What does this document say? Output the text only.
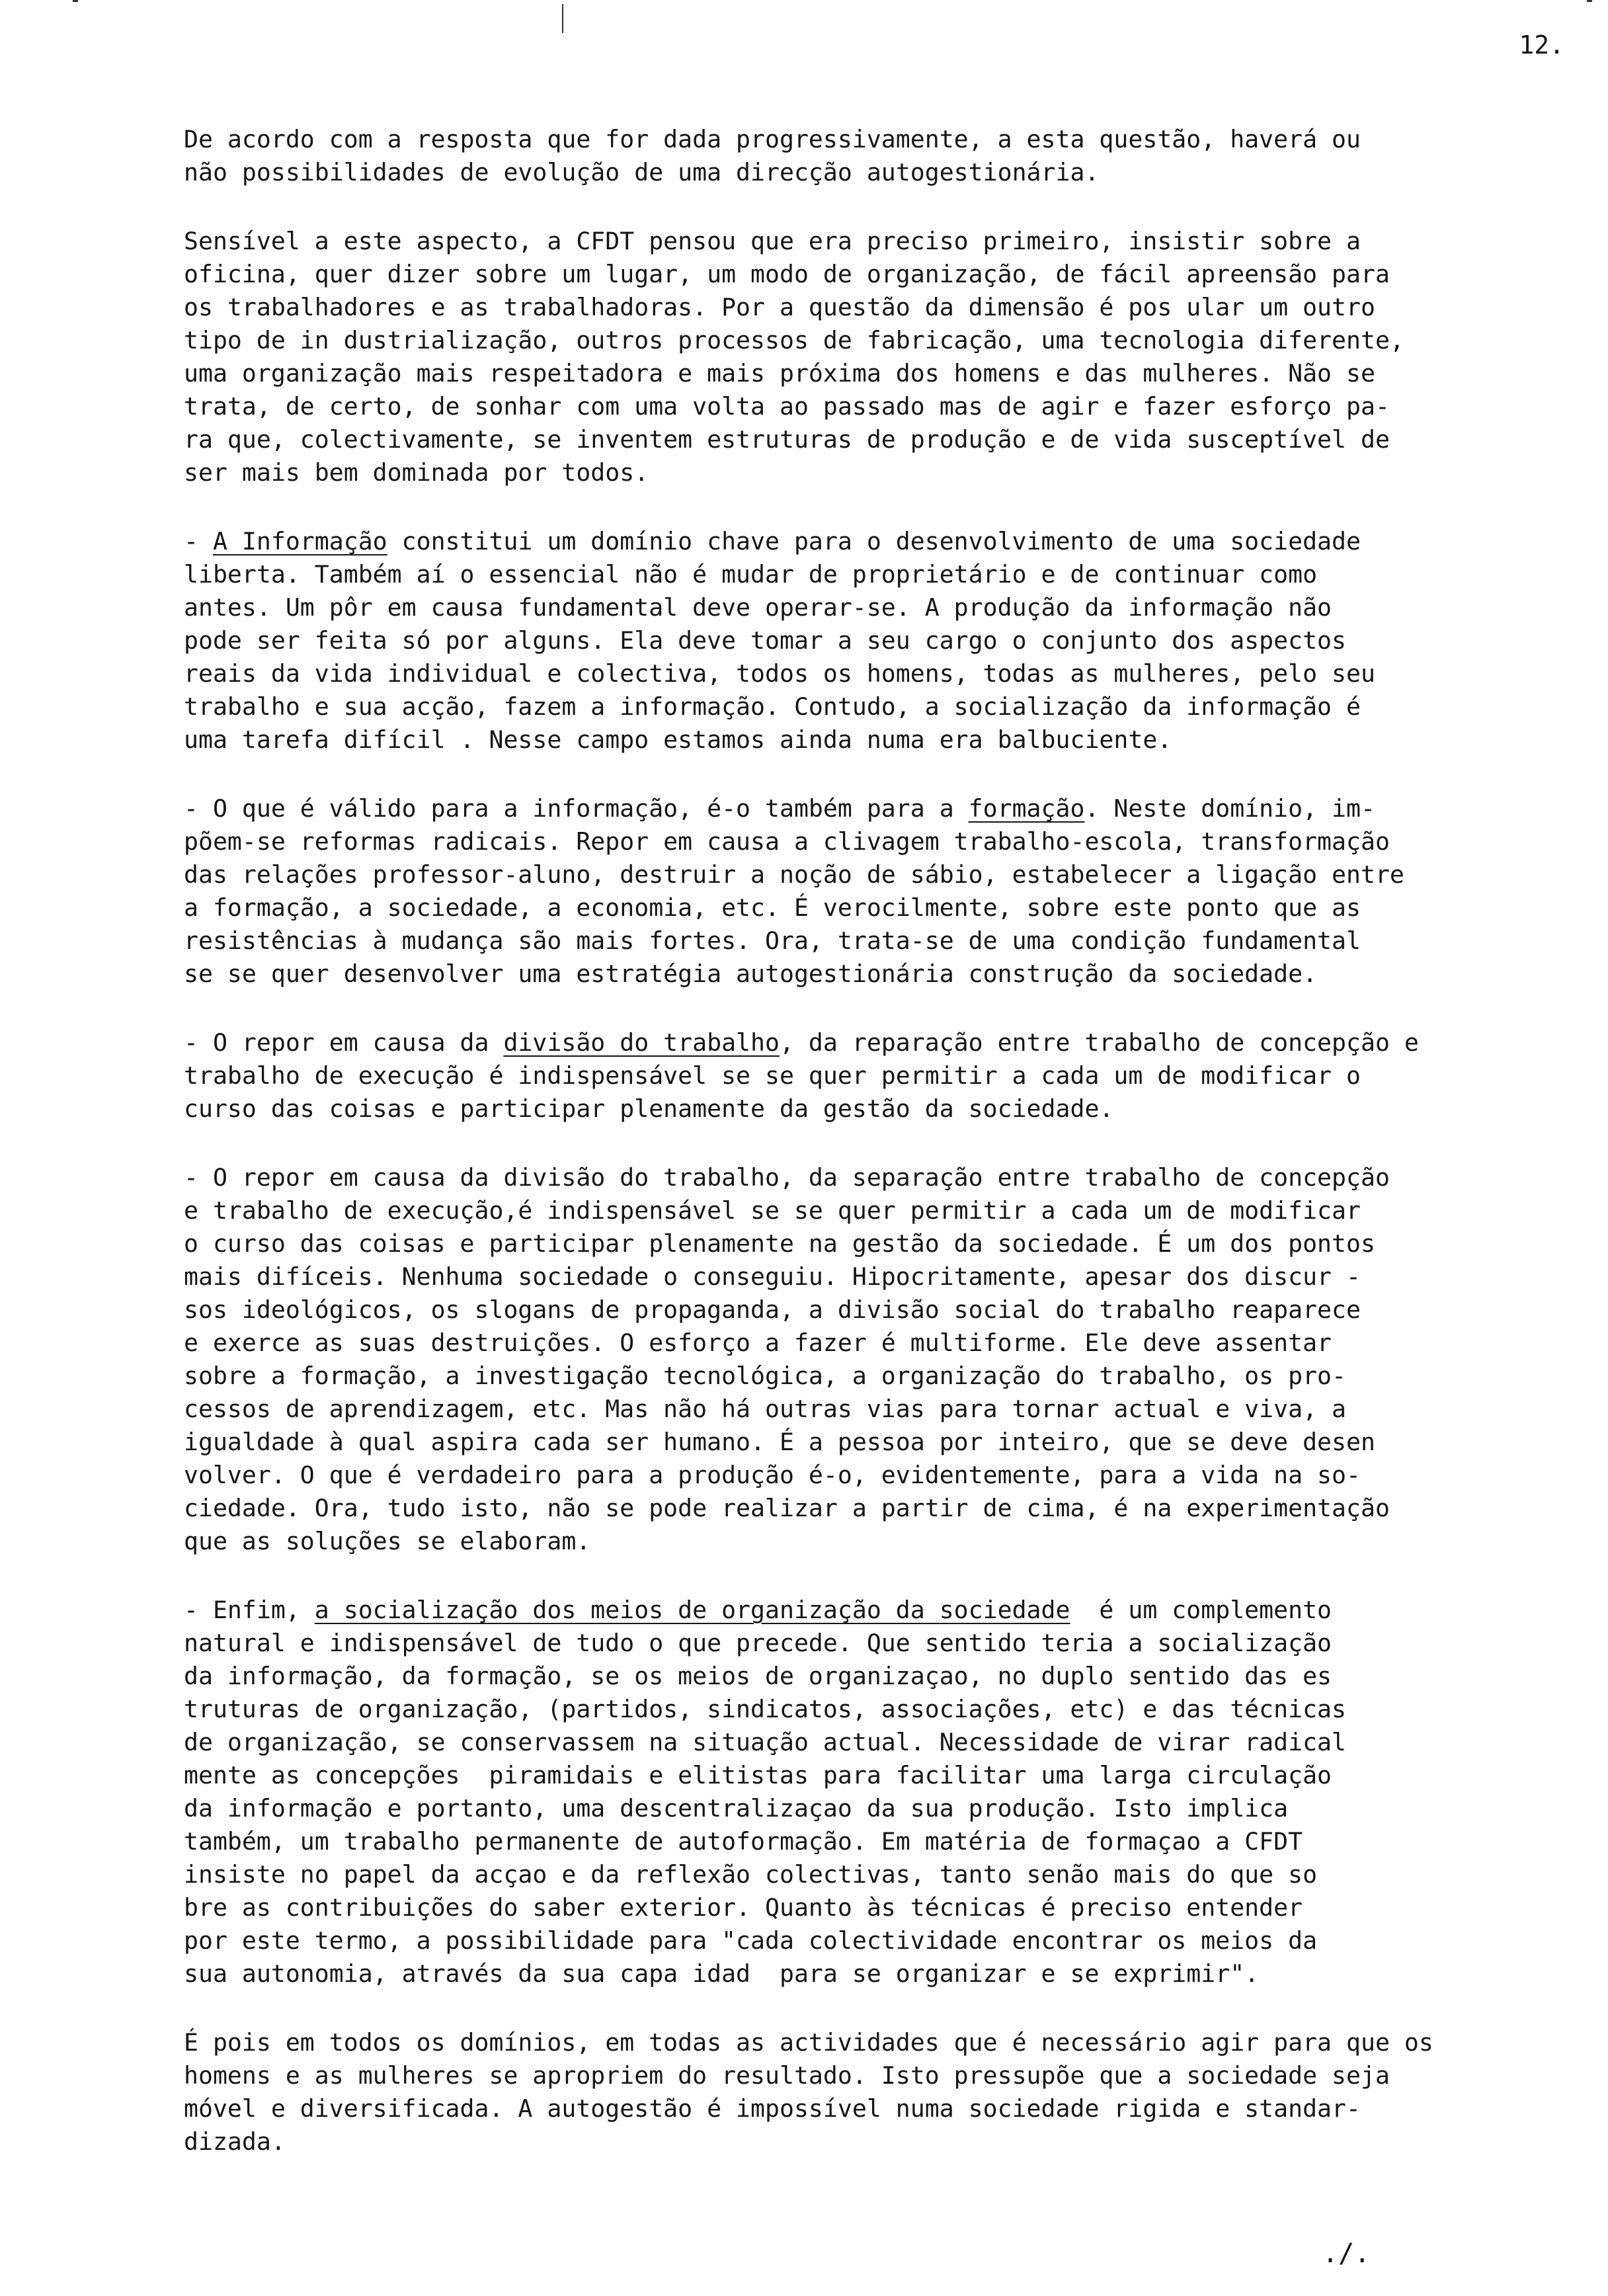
12.
De acordo com a resposta que for dada progressivamente, a esta questão, haverá ou
não possibilidades de evolução de uma direcção autogestionária.
Sensível a este aspecto, a CFDT pensou que era preciso primeiro, insistir sobre a
oficina, quer dizer sobre um lugar, um modo de organização, de fácil apreensão para
os trabalhadores e as trabalhadoras. Por a questão da dimensão é pos ular um outro
tipo de in dustrialização, outros processos de fabricação, uma tecnologia diferente,
uma organização mais respeitadora e mais próxima dos homens e das mulheres. Não se
trata, de certo, de sonhar com uma volta ao passado mas de agir e fazer esforço pa-
ra que, colectivamente, se inventem estruturas de produção e de vida susceptível de
ser mais bem dominada por todos.
- A Informação constitui um domínio chave para o desenvolvimento de uma sociedade
liberta. Também aí o essencial não é mudar de proprietário e de continuar como
antes. Um pôr em causa fundamental deve operar-se. A produção da informação não
pode ser feita só por alguns. Ela deve tomar a seu cargo o conjunto dos aspectos
reais da vida individual e colectiva, todos os homens, todas as mulheres, pelo seu
trabalho e sua acção, fazem a informação. Contudo, a socialização da informação é
uma tarefa difícil . Nesse campo estamos ainda numa era balbuciente.
- O que é válido para a informação, é-o também para a formação. Neste domínio, im-
põem-se reformas radicais. Repor em causa a clivagem trabalho-escola, transformação
das relações professor-aluno, destruir a noção de sábio, estabelecer a ligação entre
a formação, a sociedade, a economia, etc. É verocilmente, sobre este ponto que as
resistências à mudança são mais fortes. Ora, trata-se de uma condição fundamental
se se quer desenvolver uma estratégia autogestionária construção da sociedade.
- O repor em causa da divisão do trabalho, da reparação entre trabalho de concepção e
trabalho de execução é indispensável se se quer permitir a cada um de modificar o
curso das coisas e participar plenamente da gestão da sociedade.
- O repor em causa da divisão do trabalho, da separação entre trabalho de concepção
e trabalho de execução,é indispensável se se quer permitir a cada um de modificar
o curso das coisas e participar plenamente na gestão da sociedade. É um dos pontos
mais difíceis. Nenhuma sociedade o conseguiu. Hipocritamente, apesar dos discur -
sos ideológicos, os slogans de propaganda, a divisão social do trabalho reaparece
e exerce as suas destruições. O esforço a fazer é multiforme. Ele deve assentar
sobre a formação, a investigação tecnológica, a organização do trabalho, os pro-
cessos de aprendizagem, etc. Mas não há outras vias para tornar actual e viva, a
igualdade à qual aspira cada ser humano. É a pessoa por inteiro, que se deve desen
volver. O que é verdadeiro para a produção é-o, evidentemente, para a vida na so-
ciedade. Ora, tudo isto, não se pode realizar a partir de cima, é na experimentação
que as soluções se elaboram.
- Enfim, a socialização dos meios de organização da sociedade  é um complemento
natural e indispensável de tudo o que precede. Que sentido teria a socialização
da informação, da formação, se os meios de organizaçao, no duplo sentido das es
truturas de organização, (partidos, sindicatos, associações, etc) e das técnicas
de organização, se conservassem na situação actual. Necessidade de virar radical
mente as concepções  piramidais e elitistas para facilitar uma larga circulação
da informação e portanto, uma descentralizaçao da sua produção. Isto implica
também, um trabalho permanente de autoformação. Em matéria de formaçao a CFDT
insiste no papel da acçao e da reflexão colectivas, tanto senão mais do que so
bre as contribuições do saber exterior. Quanto às técnicas é preciso entender
por este termo, a possibilidade para "cada colectividade encontrar os meios da
sua autonomia, através da sua capa idad  para se organizar e se exprimir".
É pois em todos os domínios, em todas as actividades que é necessário agir para que os
homens e as mulheres se apropriem do resultado. Isto pressupõe que a sociedade seja
móvel e diversificada. A autogestão é impossível numa sociedade rigida e standar-
dizada.
./.
